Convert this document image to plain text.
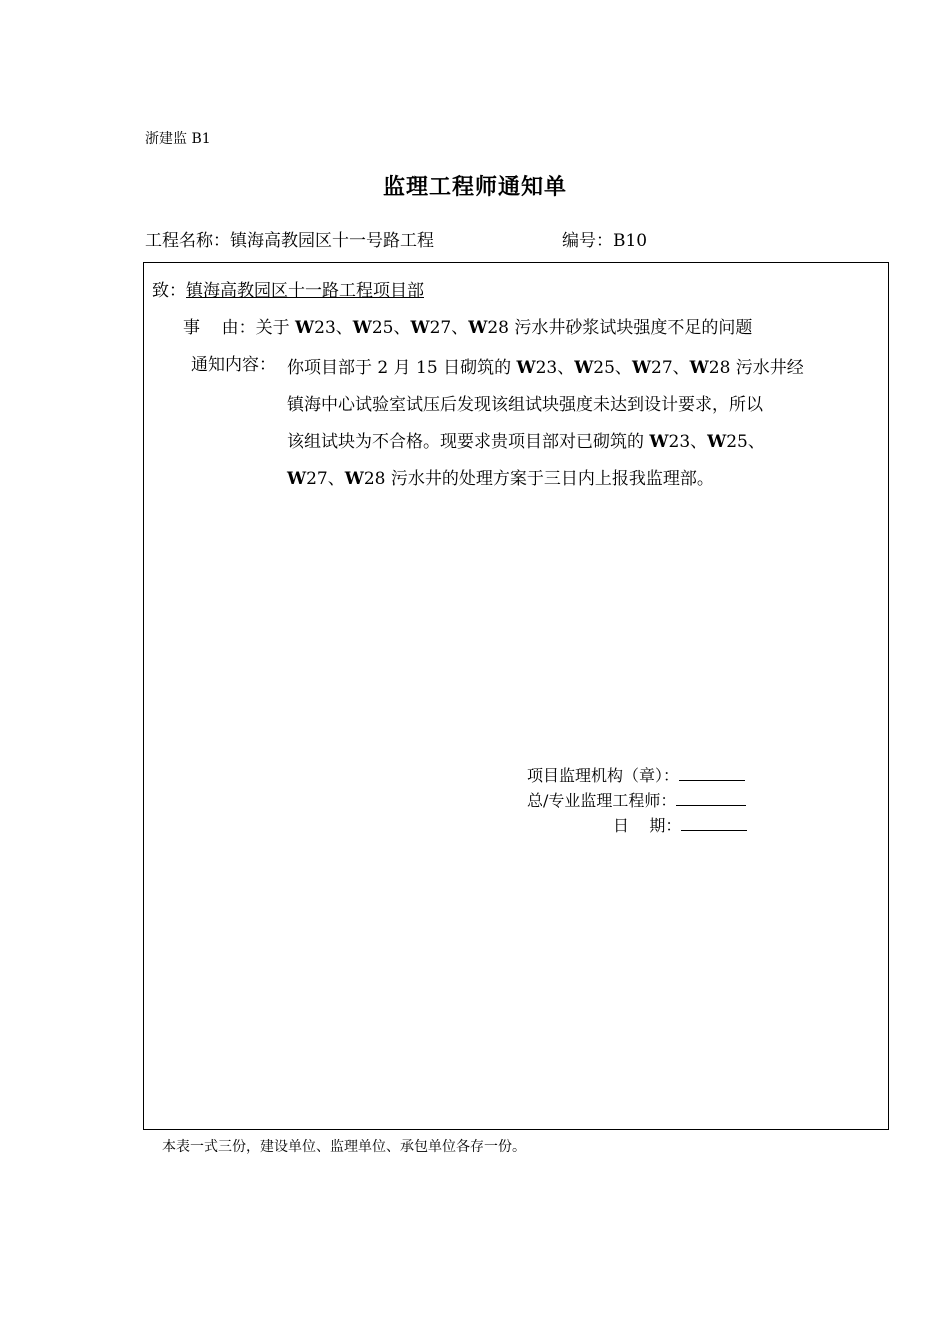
浙建监 B1
监理工程师通知单
工程名称：镇海高教园区十一号路工程	编号：B10
致：镇海高教园区十一路工程项目部
事    由：关于 W23、W25、W27、W28 污水井砂浆试块强度不足的问题
通知内容： 你项目部于 2 月 15 日砌筑的 W23、W25、W27、W28 污水井经
镇海中心试验室试压后发现该组试块强度未达到设计要求，所以
该组试块为不合格。现要求贵项目部对已砌筑的 W23、W25、
W27、W28 污水井的处理方案于三日内上报我监理部。
项目监理机构（章）：
总/专业监理工程师：
日    期：
本表一式三份，建设单位、监理单位、承包单位各存一份。
